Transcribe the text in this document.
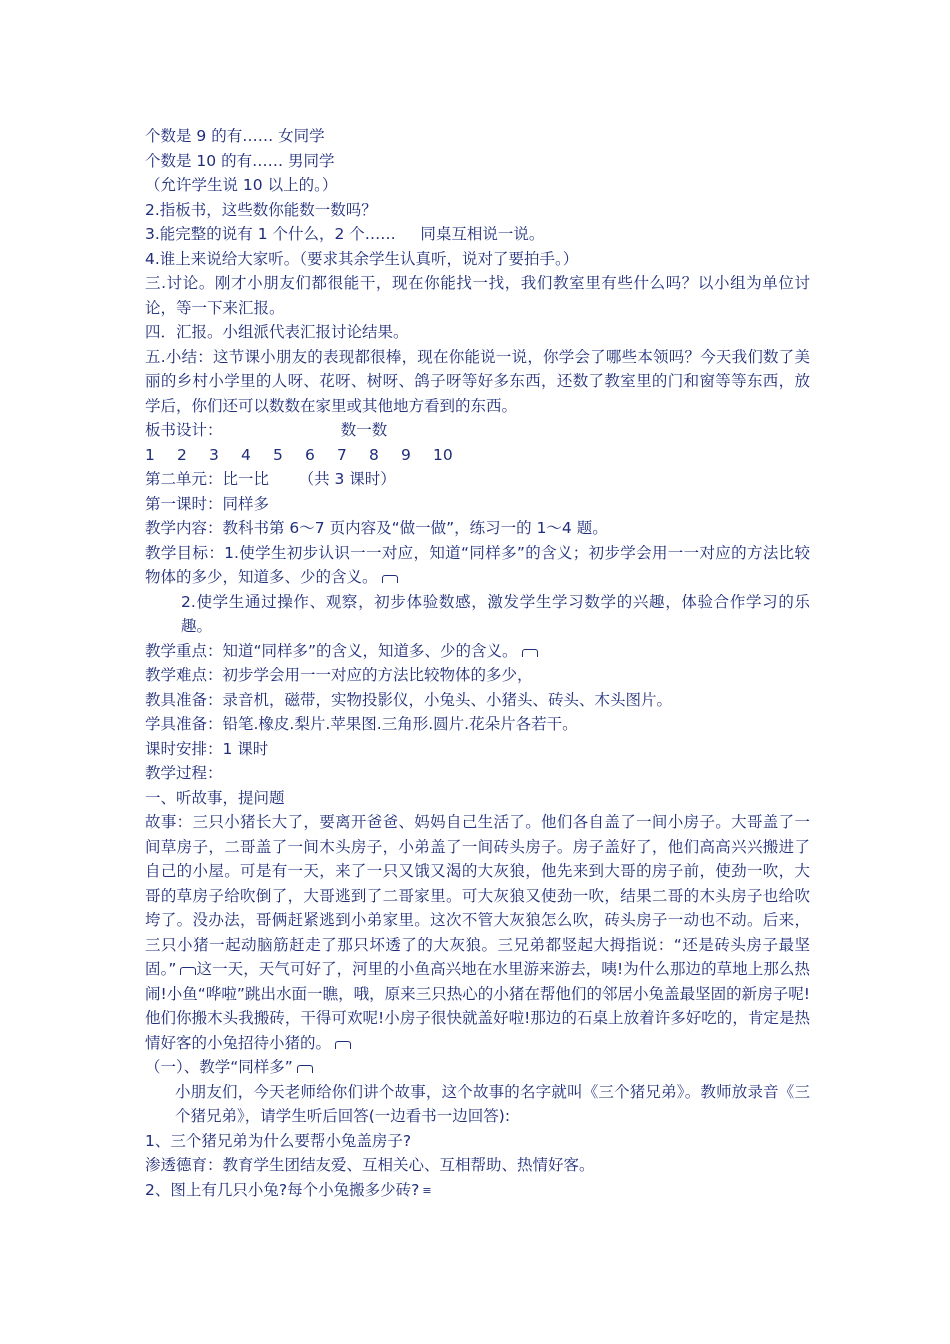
个数是 9 的有…… 女同学
个数是 10 的有…… 男同学
（允许学生说 10 以上的。）
2.指板书，这些数你能数一数吗？
3.能完整的说有 1 个什么，2 个……     同桌互相说一说。
4.谁上来说给大家听。（要求其余学生认真听，说对了要拍手。）
三.讨论。刚才小朋友们都很能干，现在你能找一找，我们教室里有些什么吗？以小组为单位讨论，等一下来汇报。
四．汇报。小组派代表汇报讨论结果。
五.小结：这节课小朋友的表现都很棒，现在你能说一说，你学会了哪些本领吗？今天我们数了美丽的乡村小学里的人呀、花呀、树呀、鸽子呀等好多东西，还数了教室里的门和窗等等东西，放学后，你们还可以数数在家里或其他地方看到的东西。
板书设计：                        数一数
1 2 3 4 5 6 7 8 9 10
第二单元：比一比      （共 3 课时）
第一课时：同样多
教学内容：教科书第 6～7 页内容及“做一做”，练习一的 1～4 题。
教学目标：1.使学生初步认识一一对应，知道“同样多”的含义；初步学会用一一对应的方法比较物体的多少，知道多、少的含义。
2.使学生通过操作、观察，初步体验数感，激发学生学习数学的兴趣，体验合作学习的乐趣。
教学重点：知道“同样多”的含义，知道多、少的含义。
教学难点：初步学会用一一对应的方法比较物体的多少，
教具准备：录音机，磁带，实物投影仪，小兔头、小猪头、砖头、木头图片。
学具准备：铅笔.橡皮.梨片.苹果图.三角形.圆片.花朵片各若干。
课时安排：1 课时
教学过程：
一、听故事，提问题
故事：三只小猪长大了，要离开爸爸、妈妈自己生活了。他们各自盖了一间小房子。大哥盖了一间草房子，二哥盖了一间木头房子，小弟盖了一间砖头房子。房子盖好了，他们高高兴兴搬进了自己的小屋。可是有一天，来了一只又饿又渴的大灰狼，他先来到大哥的房子前，使劲一吹，大哥的草房子给吹倒了，大哥逃到了二哥家里。可大灰狼又使劲一吹，结果二哥的木头房子也给吹垮了。没办法，哥俩赶紧逃到小弟家里。这次不管大灰狼怎么吹，砖头房子一动也不动。后来，三只小猪一起动脑筋赶走了那只坏透了的大灰狼。三兄弟都竖起大拇指说：“还是砖头房子最坚固。” 这一天，天气可好了，河里的小鱼高兴地在水里游来游去，咦!为什么那边的草地上那么热闹!小鱼“哗啦”跳出水面一瞧，哦，原来三只热心的小猪在帮他们的邻居小兔盖最坚固的新房子呢!他们你搬木头我搬砖，干得可欢呢!小房子很快就盖好啦!那边的石桌上放着许多好吃的，肯定是热情好客的小兔招待小猪的。
（一）、教学“同样多”
小朋友们，今天老师给你们讲个故事，这个故事的名字就叫《三个猪兄弟》。教师放录音《三个猪兄弟》，请学生听后回答(一边看书一边回答):
1、三个猪兄弟为什么要帮小兔盖房子?
渗透德育：教育学生团结友爱、互相关心、互相帮助、热情好客。
2、图上有几只小兔?每个小兔搬多少砖? ≡
